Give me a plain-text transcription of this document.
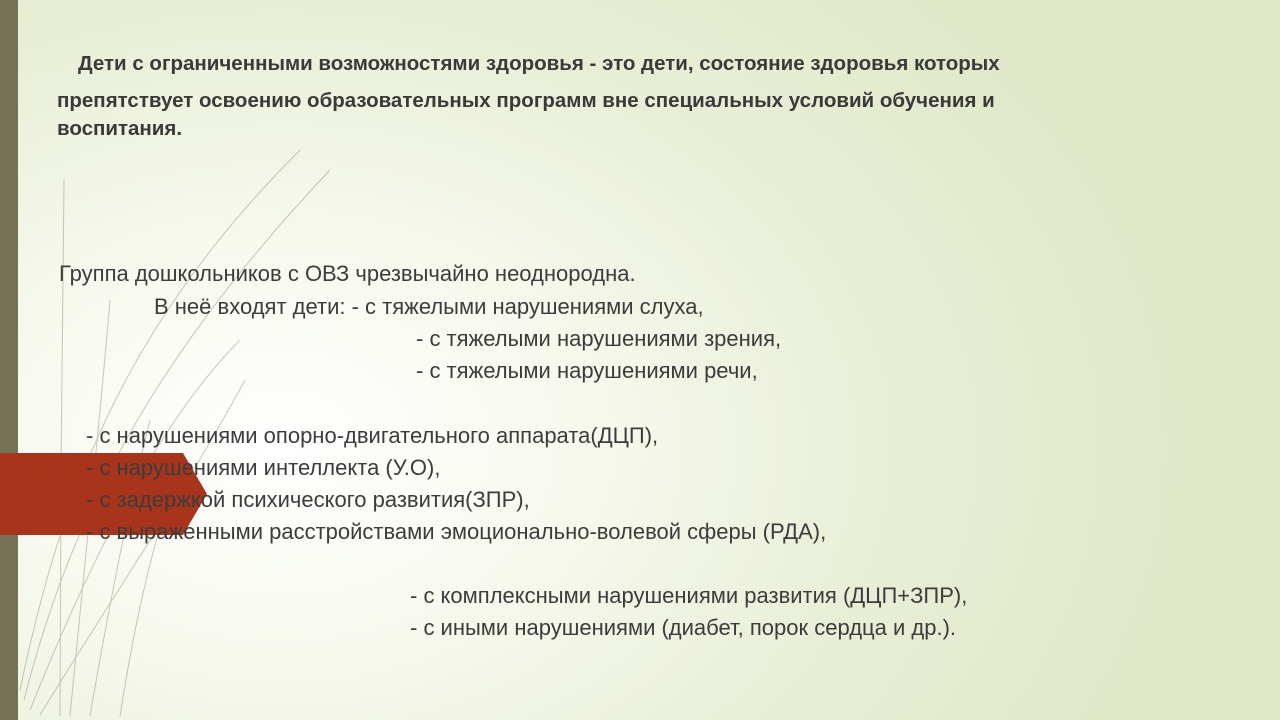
Дети с ограниченными возможностями здоровья - это дети, состояние здоровья которых
препятствует освоению образовательных программ вне специальных условий обучения и
воспитания.

Группа дошкольников с ОВЗ чрезвычайно неоднородна.
В неё входят дети: - с тяжелыми нарушениями слуха,
- с тяжелыми нарушениями зрения,
- с тяжелыми нарушениями речи,
- с нарушениями опорно-двигательного аппарата(ДЦП),
- с нарушениями интеллекта (У.О),
- с задержкой психического развития(ЗПР),
- с выраженными расстройствами эмоционально-волевой сферы (РДА),
- с комплексными нарушениями развития (ДЦП+ЗПР),
- с иными нарушениями (диабет, порок сердца и др.).
